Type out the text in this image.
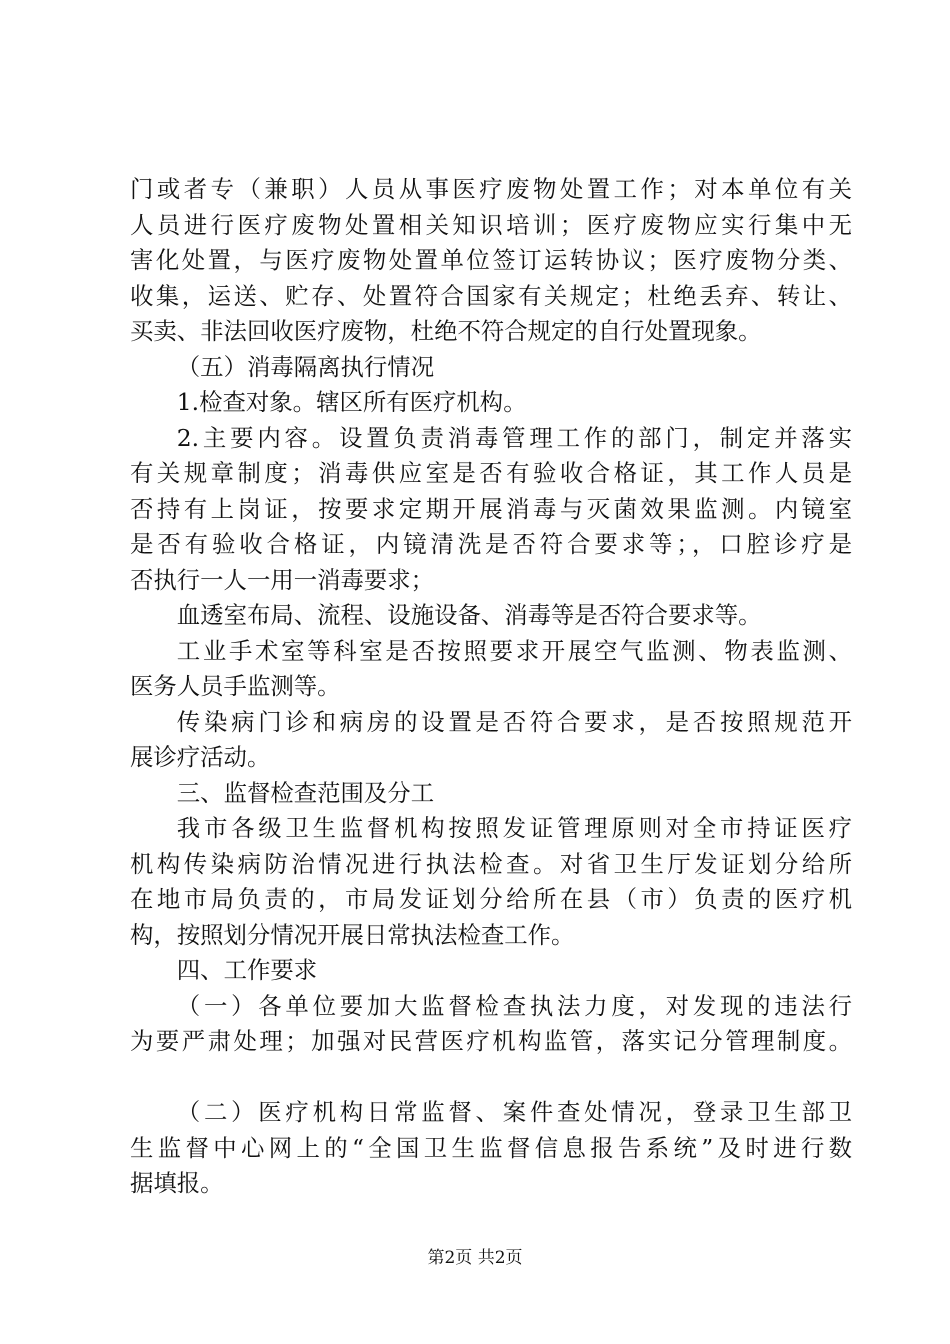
门或者专（兼职）人员从事医疗废物处置工作；对本单位有关
人员进行医疗废物处置相关知识培训；医疗废物应实行集中无
害化处置，与医疗废物处置单位签订运转协议；医疗废物分类、
收集，运送、贮存、处置符合国家有关规定；杜绝丢弃、转让、
买卖、非法回收医疗废物，杜绝不符合规定的自行处置现象。
（五）消毒隔离执行情况
1.检查对象。辖区所有医疗机构。
2.主要内容。设置负责消毒管理工作的部门，制定并落实
有关规章制度；消毒供应室是否有验收合格证，其工作人员是
否持有上岗证，按要求定期开展消毒与灭菌效果监测。内镜室
是否有验收合格证，内镜清洗是否符合要求等；，口腔诊疗是
否执行一人一用一消毒要求；
血透室布局、流程、设施设备、消毒等是否符合要求等。
工业手术室等科室是否按照要求开展空气监测、物表监测、
医务人员手监测等。
传染病门诊和病房的设置是否符合要求，是否按照规范开
展诊疗活动。
三、监督检查范围及分工
我市各级卫生监督机构按照发证管理原则对全市持证医疗
机构传染病防治情况进行执法检查。对省卫生厅发证划分给所
在地市局负责的，市局发证划分给所在县（市）负责的医疗机
构，按照划分情况开展日常执法检查工作。
四、工作要求
（一）各单位要加大监督检查执法力度，对发现的违法行
为要严肃处理；加强对民营医疗机构监管，落实记分管理制度。
（二）医疗机构日常监督、案件查处情况，登录卫生部卫
生监督中心网上的“全国卫生监督信息报告系统”及时进行数
据填报。
第2页 共2页
